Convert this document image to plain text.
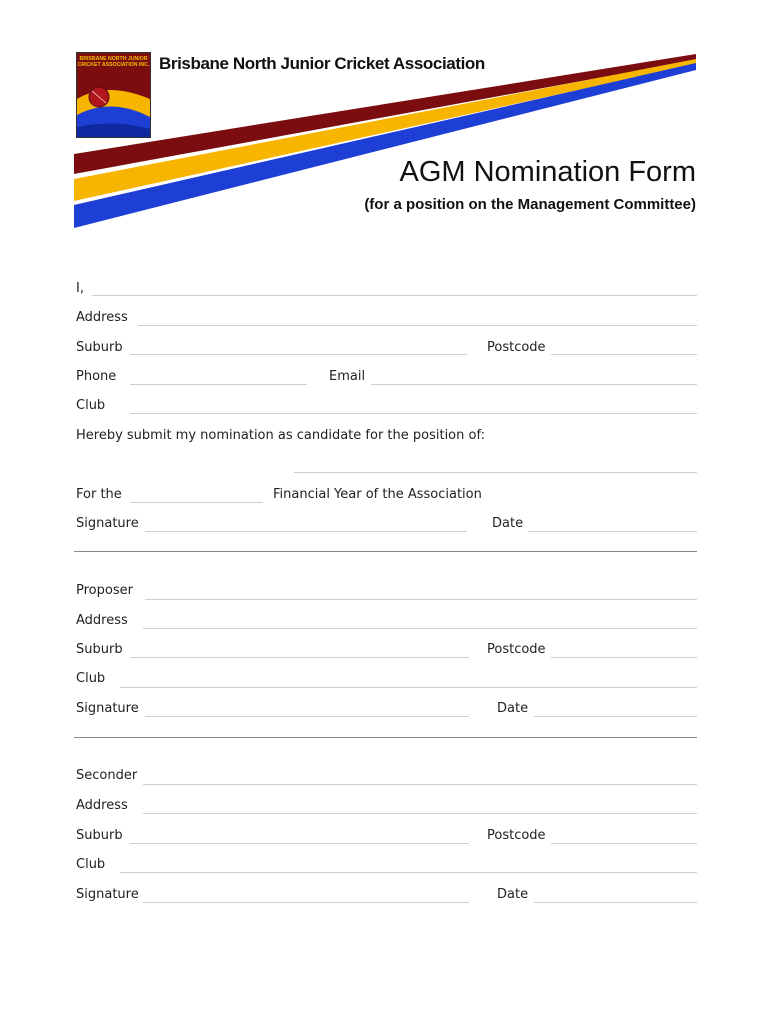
BRISBANE NORTH JUNIOR CRICKET ASSOCIATION INC. Brisbane North Junior Cricket Association
AGM Nomination Form
(for a position on the Management Committee)
I,
Address
Suburb	Postcode
Phone	Email
Club
Hereby submit my nomination as candidate for the position of:
For the	Financial Year of the Association
Signature	Date
Proposer
Address
Suburb	Postcode
Club
Signature	Date
Seconder
Address
Suburb	Postcode
Club
Signature	Date
